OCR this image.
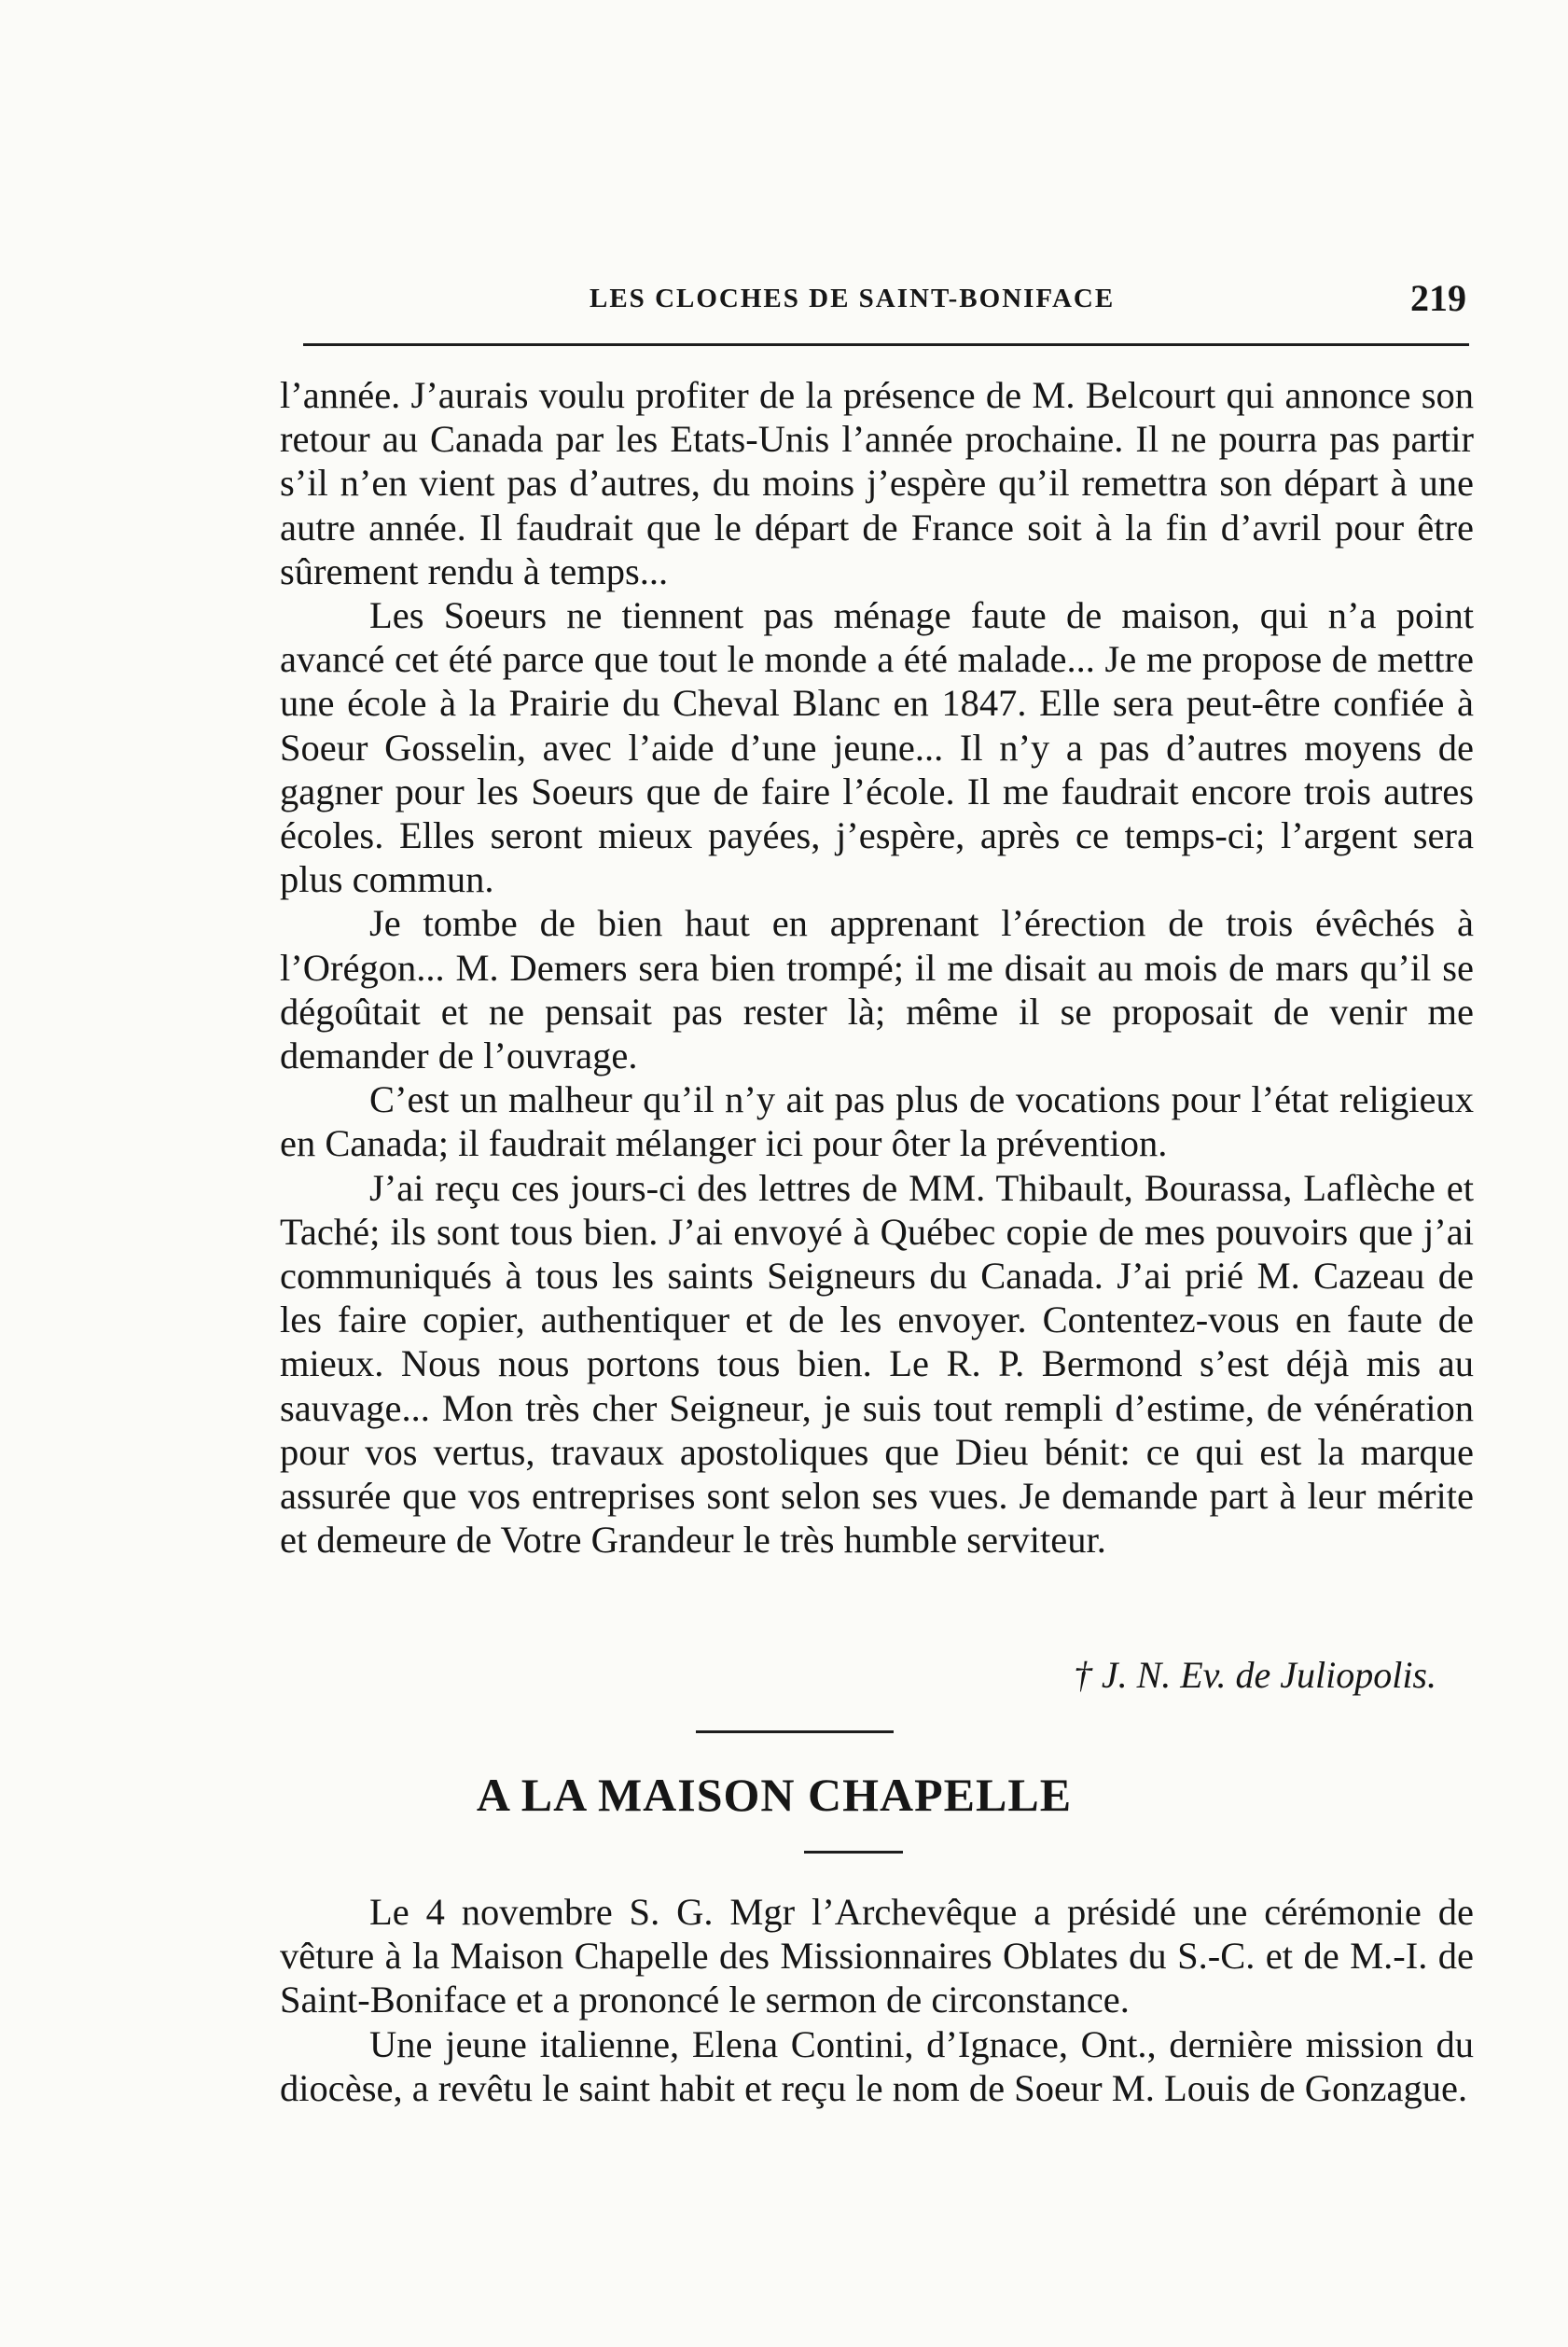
LES CLOCHES DE SAINT-BONIFACE	219

l’année. J’aurais voulu profiter de la présence de M. Belcourt qui annonce son retour au Canada par les Etats-Unis l’année prochaine. Il ne pourra pas partir s’il n’en vient pas d’autres, du moins j’espère qu’il remettra son départ à une autre année. Il faudrait que le départ de France soit à la fin d’avril pour être sûrement rendu à temps...

Les Soeurs ne tiennent pas ménage faute de maison, qui n’a point avancé cet été parce que tout le monde a été malade... Je me propose de mettre une école à la Prairie du Cheval Blanc en 1847. Elle sera peut-être confiée à Soeur Gosselin, avec l’aide d’une jeune... Il n’y a pas d’autres moyens de gagner pour les Soeurs que de faire l’école. Il me faudrait encore trois autres écoles. Elles seront mieux payées, j’espère, après ce temps-ci; l’argent sera plus commun.

Je tombe de bien haut en apprenant l’érection de trois évêchés à l’Orégon... M. Demers sera bien trompé; il me disait au mois de mars qu’il se dégoûtait et ne pensait pas rester là; même il se proposait de venir me demander de l’ouvrage.

C’est un malheur qu’il n’y ait pas plus de vocations pour l’état religieux en Canada; il faudrait mélanger ici pour ôter la prévention.

J’ai reçu ces jours-ci des lettres de MM. Thibault, Bourassa, Laflèche et Taché; ils sont tous bien. J’ai envoyé à Québec copie de mes pouvoirs que j’ai communiqués à tous les saints Seigneurs du Canada. J’ai prié M. Cazeau de les faire copier, authentiquer et de les envoyer. Contentez-vous en faute de mieux. Nous nous portons tous bien. Le R. P. Bermond s’est déjà mis au sauvage... Mon très cher Seigneur, je suis tout rempli d’estime, de vénération pour vos vertus, travaux apostoliques que Dieu bénit: ce qui est la marque assurée que vos entreprises sont selon ses vues. Je demande part à leur mérite et demeure de Votre Grandeur le très humble serviteur.

† J. N. Ev. de Juliopolis.
A LA MAISON CHAPELLE

Le 4 novembre S. G. Mgr l’Archevêque a présidé une cérémonie de vêture à la Maison Chapelle des Missionnaires Oblates du S.-C. et de M.-I. de Saint-Boniface et a prononcé le sermon de circonstance.

Une jeune italienne, Elena Contini, d’Ignace, Ont., dernière mission du diocèse, a revêtu le saint habit et reçu le nom de Soeur M. Louis de Gonzague.
